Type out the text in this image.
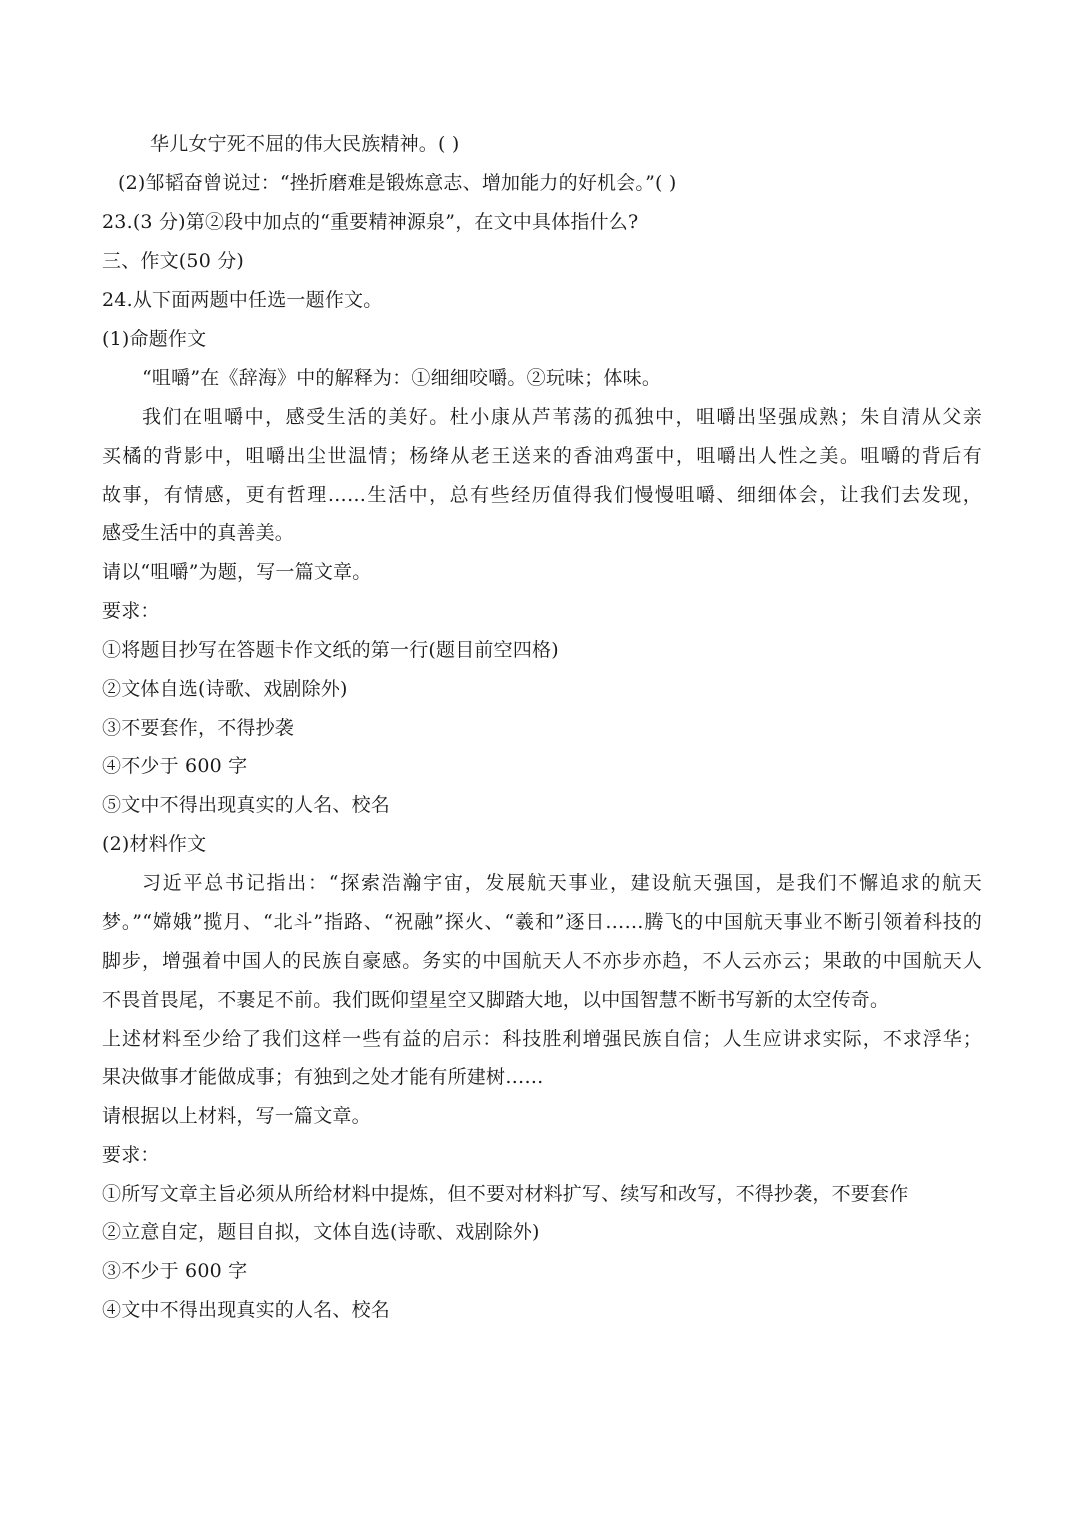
华儿女宁死不屈的伟大民族精神。( )
(2)邹韬奋曾说过：“挫折磨难是锻炼意志、增加能力的好机会。”( )
23.(3 分)第②段中加点的“重要精神源泉”，在文中具体指什么?
三、作文(50 分)
24.从下面两题中任选一题作文。
(1)命题作文
“咀嚼”在《辞海》中的解释为：①细细咬嚼。②玩味；体味。
我们在咀嚼中，感受生活的美好。杜小康从芦苇荡的孤独中，咀嚼出坚强成熟；朱自清从父亲
买橘的背影中，咀嚼出尘世温情；杨绛从老王送来的香油鸡蛋中，咀嚼出人性之美。咀嚼的背后有
故事，有情感，更有哲理……生活中，总有些经历值得我们慢慢咀嚼、细细体会，让我们去发现，
感受生活中的真善美。
请以“咀嚼”为题，写一篇文章。
要求：
①将题目抄写在答题卡作文纸的第一行(题目前空四格)
②文体自选(诗歌、戏剧除外)
③不要套作，不得抄袭
④不少于 600 字
⑤文中不得出现真实的人名、校名
(2)材料作文
习近平总书记指出：“探索浩瀚宇宙，发展航天事业，建设航天强国，是我们不懈追求的航天
梦。”“嫦娥”揽月、“北斗”指路、“祝融”探火、“羲和”逐日……腾飞的中国航天事业不断引领着科技的
脚步，增强着中国人的民族自豪感。务实的中国航天人不亦步亦趋，不人云亦云；果敢的中国航天人
不畏首畏尾，不裹足不前。我们既仰望星空又脚踏大地，以中国智慧不断书写新的太空传奇。
上述材料至少给了我们这样一些有益的启示：科技胜利增强民族自信；人生应讲求实际，不求浮华；
果决做事才能做成事；有独到之处才能有所建树……
请根据以上材料，写一篇文章。
要求：
①所写文章主旨必须从所给材料中提炼，但不要对材料扩写、续写和改写，不得抄袭，不要套作
②立意自定，题目自拟，文体自选(诗歌、戏剧除外)
③不少于 600 字
④文中不得出现真实的人名、校名
